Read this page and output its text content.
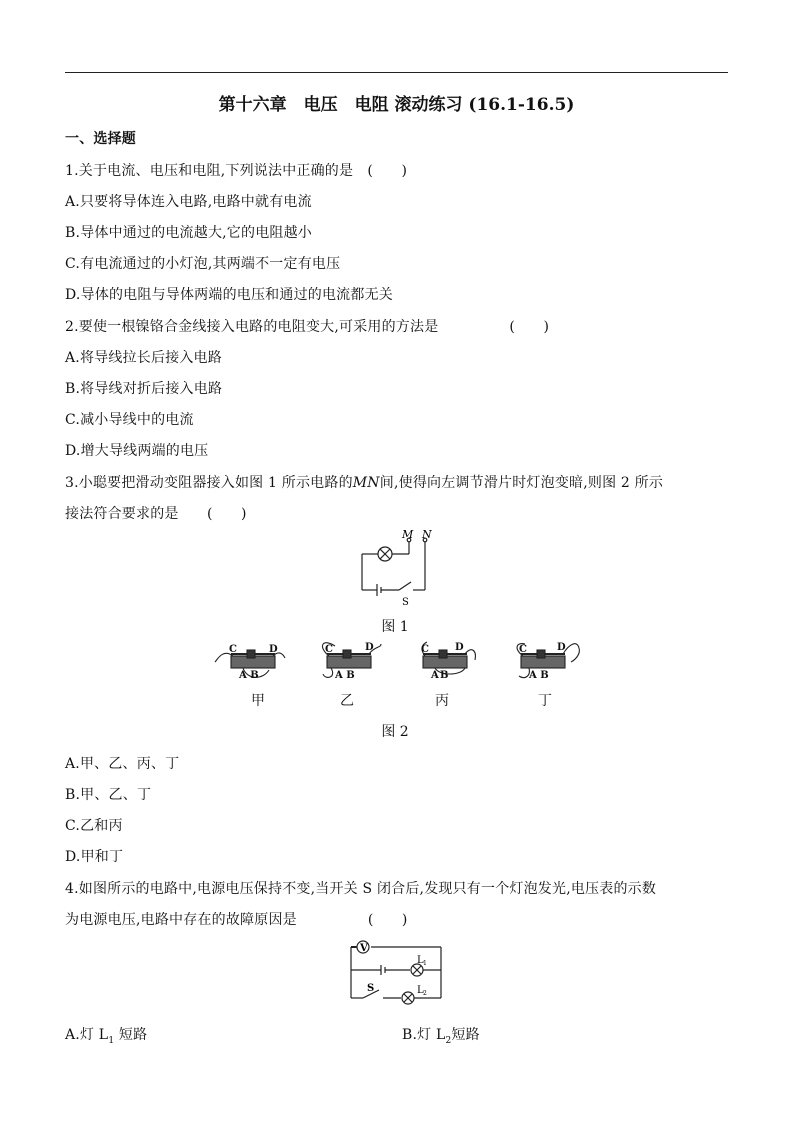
第十六章　电压　电阻 滚动练习 (16.1-16.5)
一、选择题
1.关于电流、电压和电阻,下列说法中正确的是　(　　)
A.只要将导体连入电路,电路中就有电流
B.导体中通过的电流越大,它的电阻越小
C.有电流通过的小灯泡,其两端不一定有电压
D.导体的电阻与导体两端的电压和通过的电流都无关
2.要使一根镍铬合金线接入电路的电阻变大,可采用的方法是　　　　　(　　)
A.将导线拉长后接入电路
B.将导线对折后接入电路
C.减小导线中的电流
D.增大导线两端的电压
3.小聪要把滑动变阻器接入如图 1 所示电路的MN间,使得向左调节滑片时灯泡变暗,则图 2 所示
接法符合要求的是　　(　　)
M N
S
图 1
C	D
A B
C	D
A B
C	D
A B
C	D
A B
甲	乙	丙	丁
图 2
A.甲、乙、丙、丁
B.甲、乙、丁
C.乙和丙
D.甲和丁
4.如图所示的电路中,电源电压保持不变,当开关 S 闭合后,发现只有一个灯泡发光,电压表的示数
为电源电压,电路中存在的故障原因是　　　　　(　　)
V
L 1
L 2
S
A.灯 $L_1$ 短路	B.灯 $L_2$短路
